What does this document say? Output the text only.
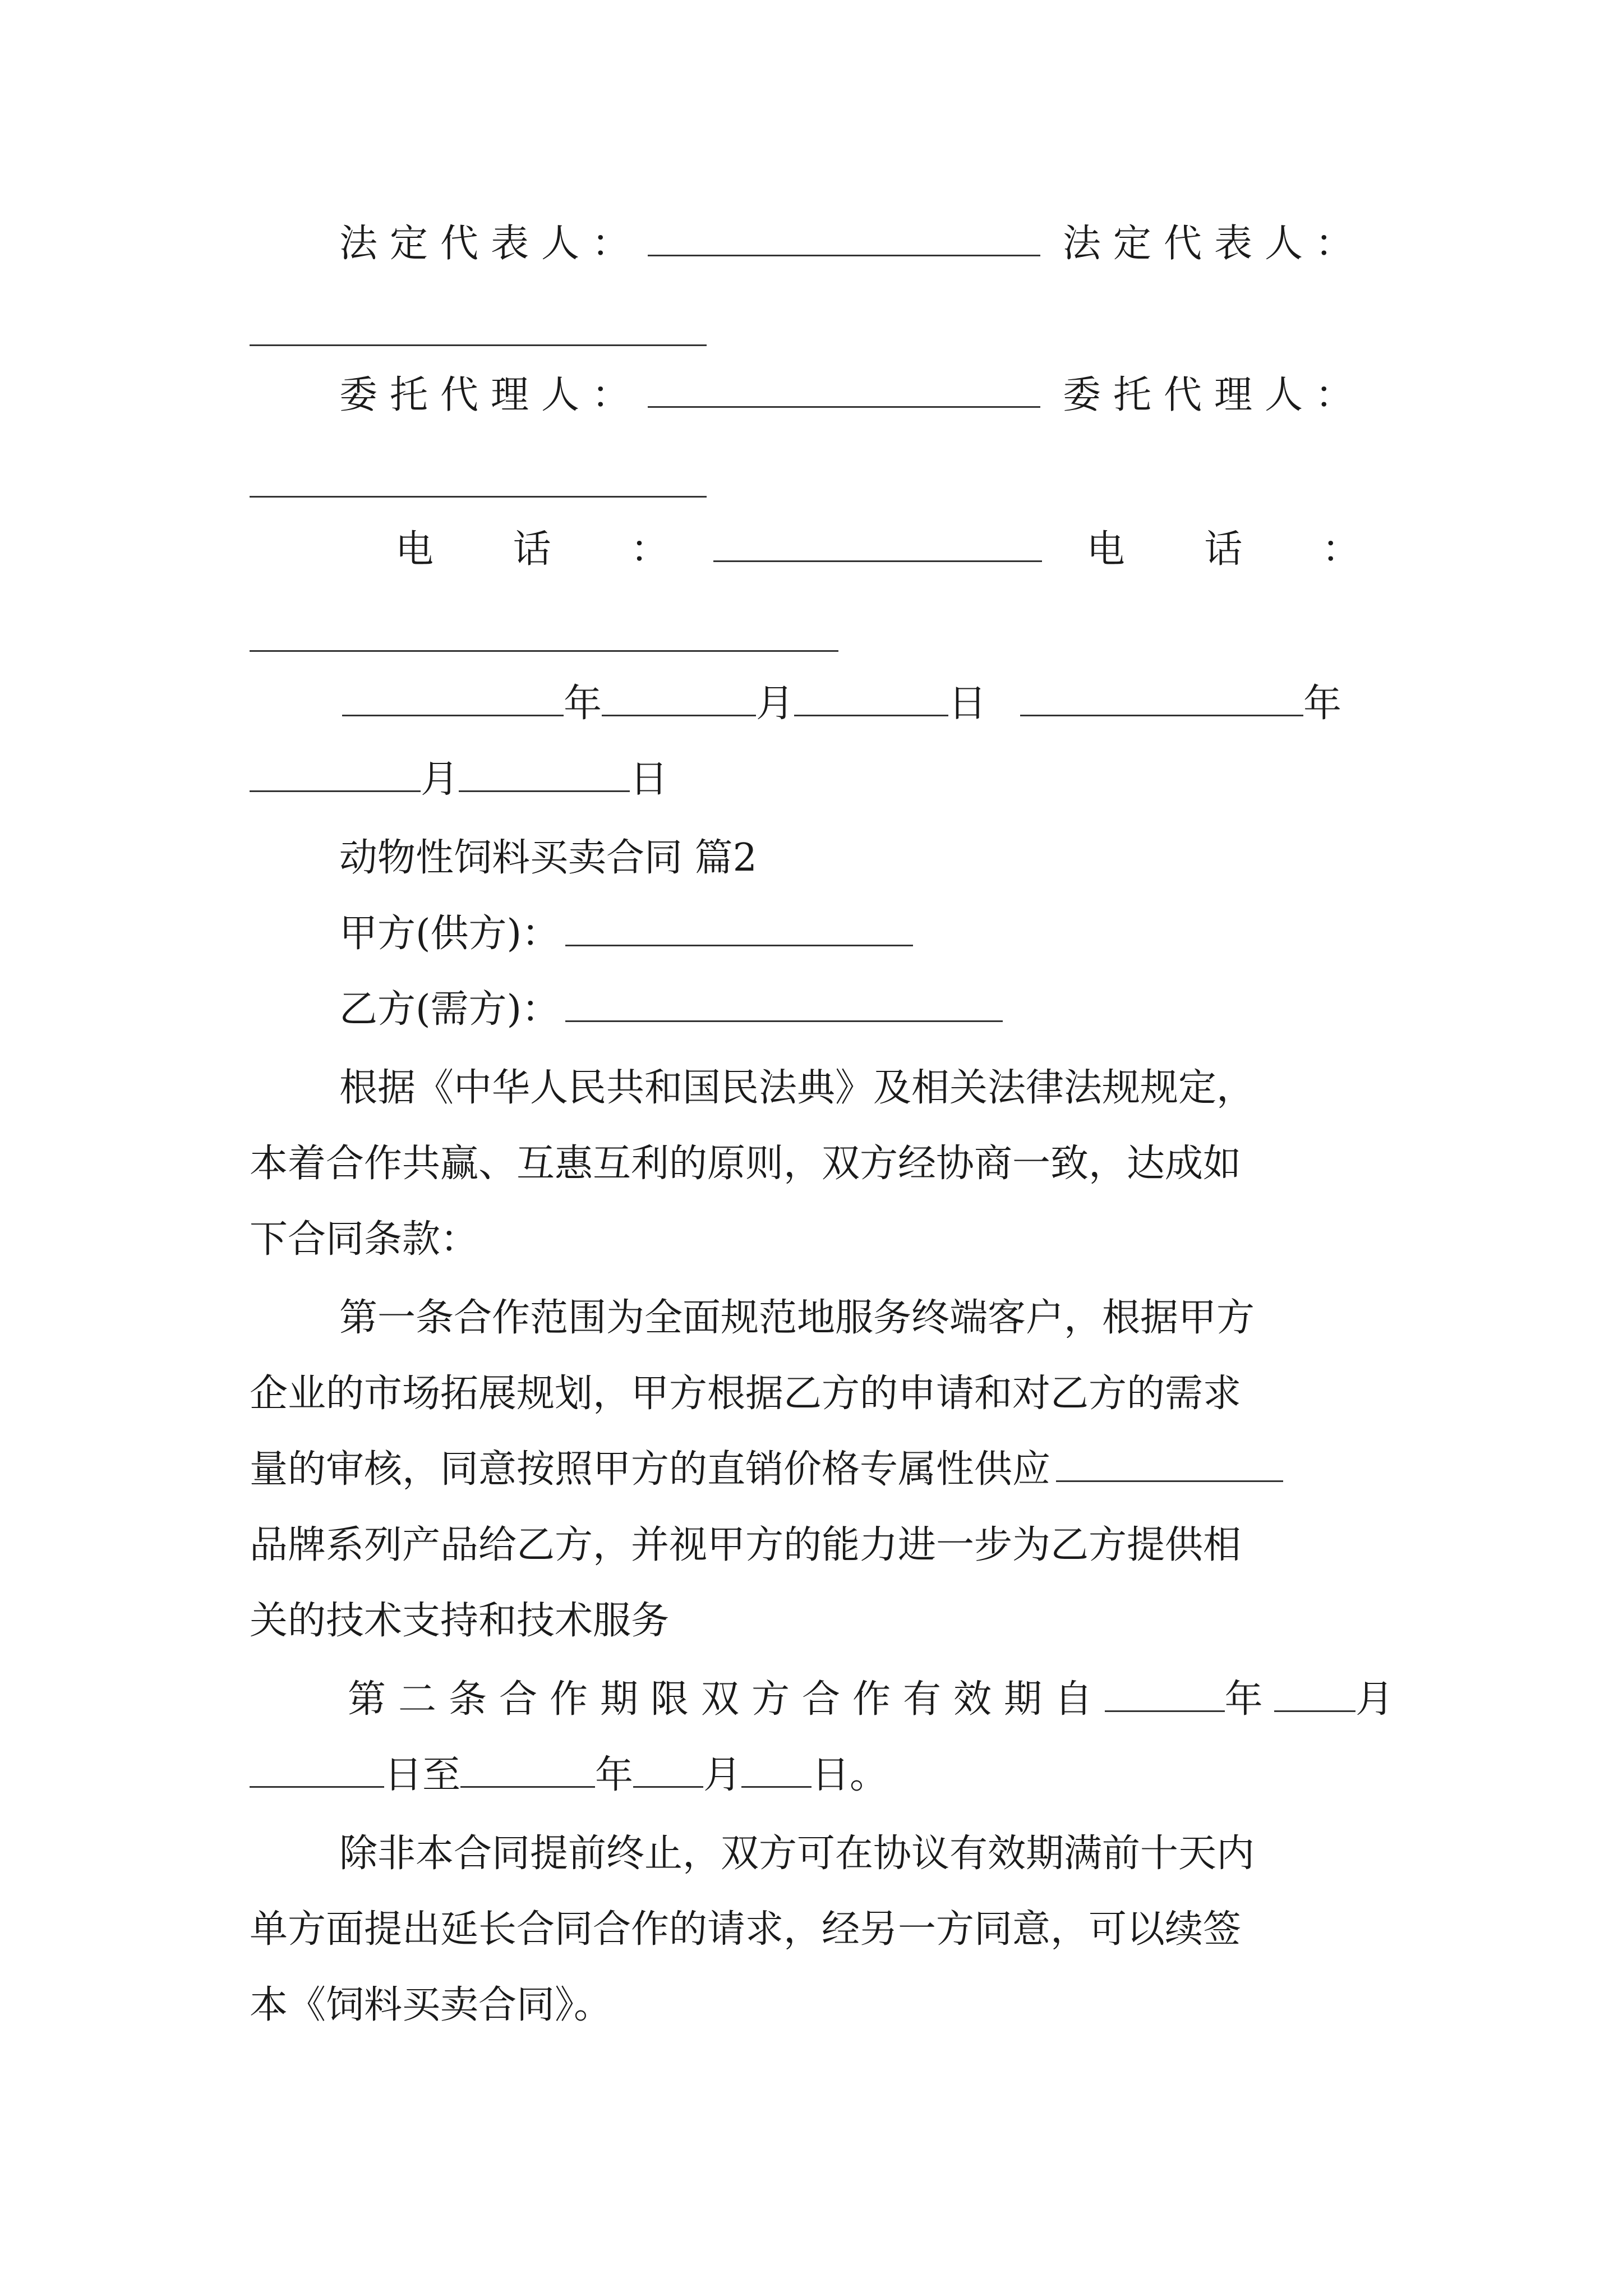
法定代表人：	法定代表人：
委托代理人：	委托代理人：
电 话 ：	电 话 ：
年	月	日	年
月	日
动物性饲料买卖合同 篇2
甲方(供方)：
乙方(需方)：
根据《中华人民共和国民法典》及相关法律法规规定，
本着合作共赢、互惠互利的原则，双方经协商一致，达成如
下合同条款：
第一条合作范围为全面规范地服务终端客户，根据甲方
企业的市场拓展规划，甲方根据乙方的申请和对乙方的需求
量的审核，同意按照甲方的直销价格专属性供应
品牌系列产品给乙方，并视甲方的能力进一步为乙方提供相
关的技术支持和技术服务
第二条合作期限双方合作有效期自	年 月
日至	年 月 日。
除非本合同提前终止，双方可在协议有效期满前十天内
单方面提出延长合同合作的请求，经另一方同意，可以续签
本《饲料买卖合同》。
